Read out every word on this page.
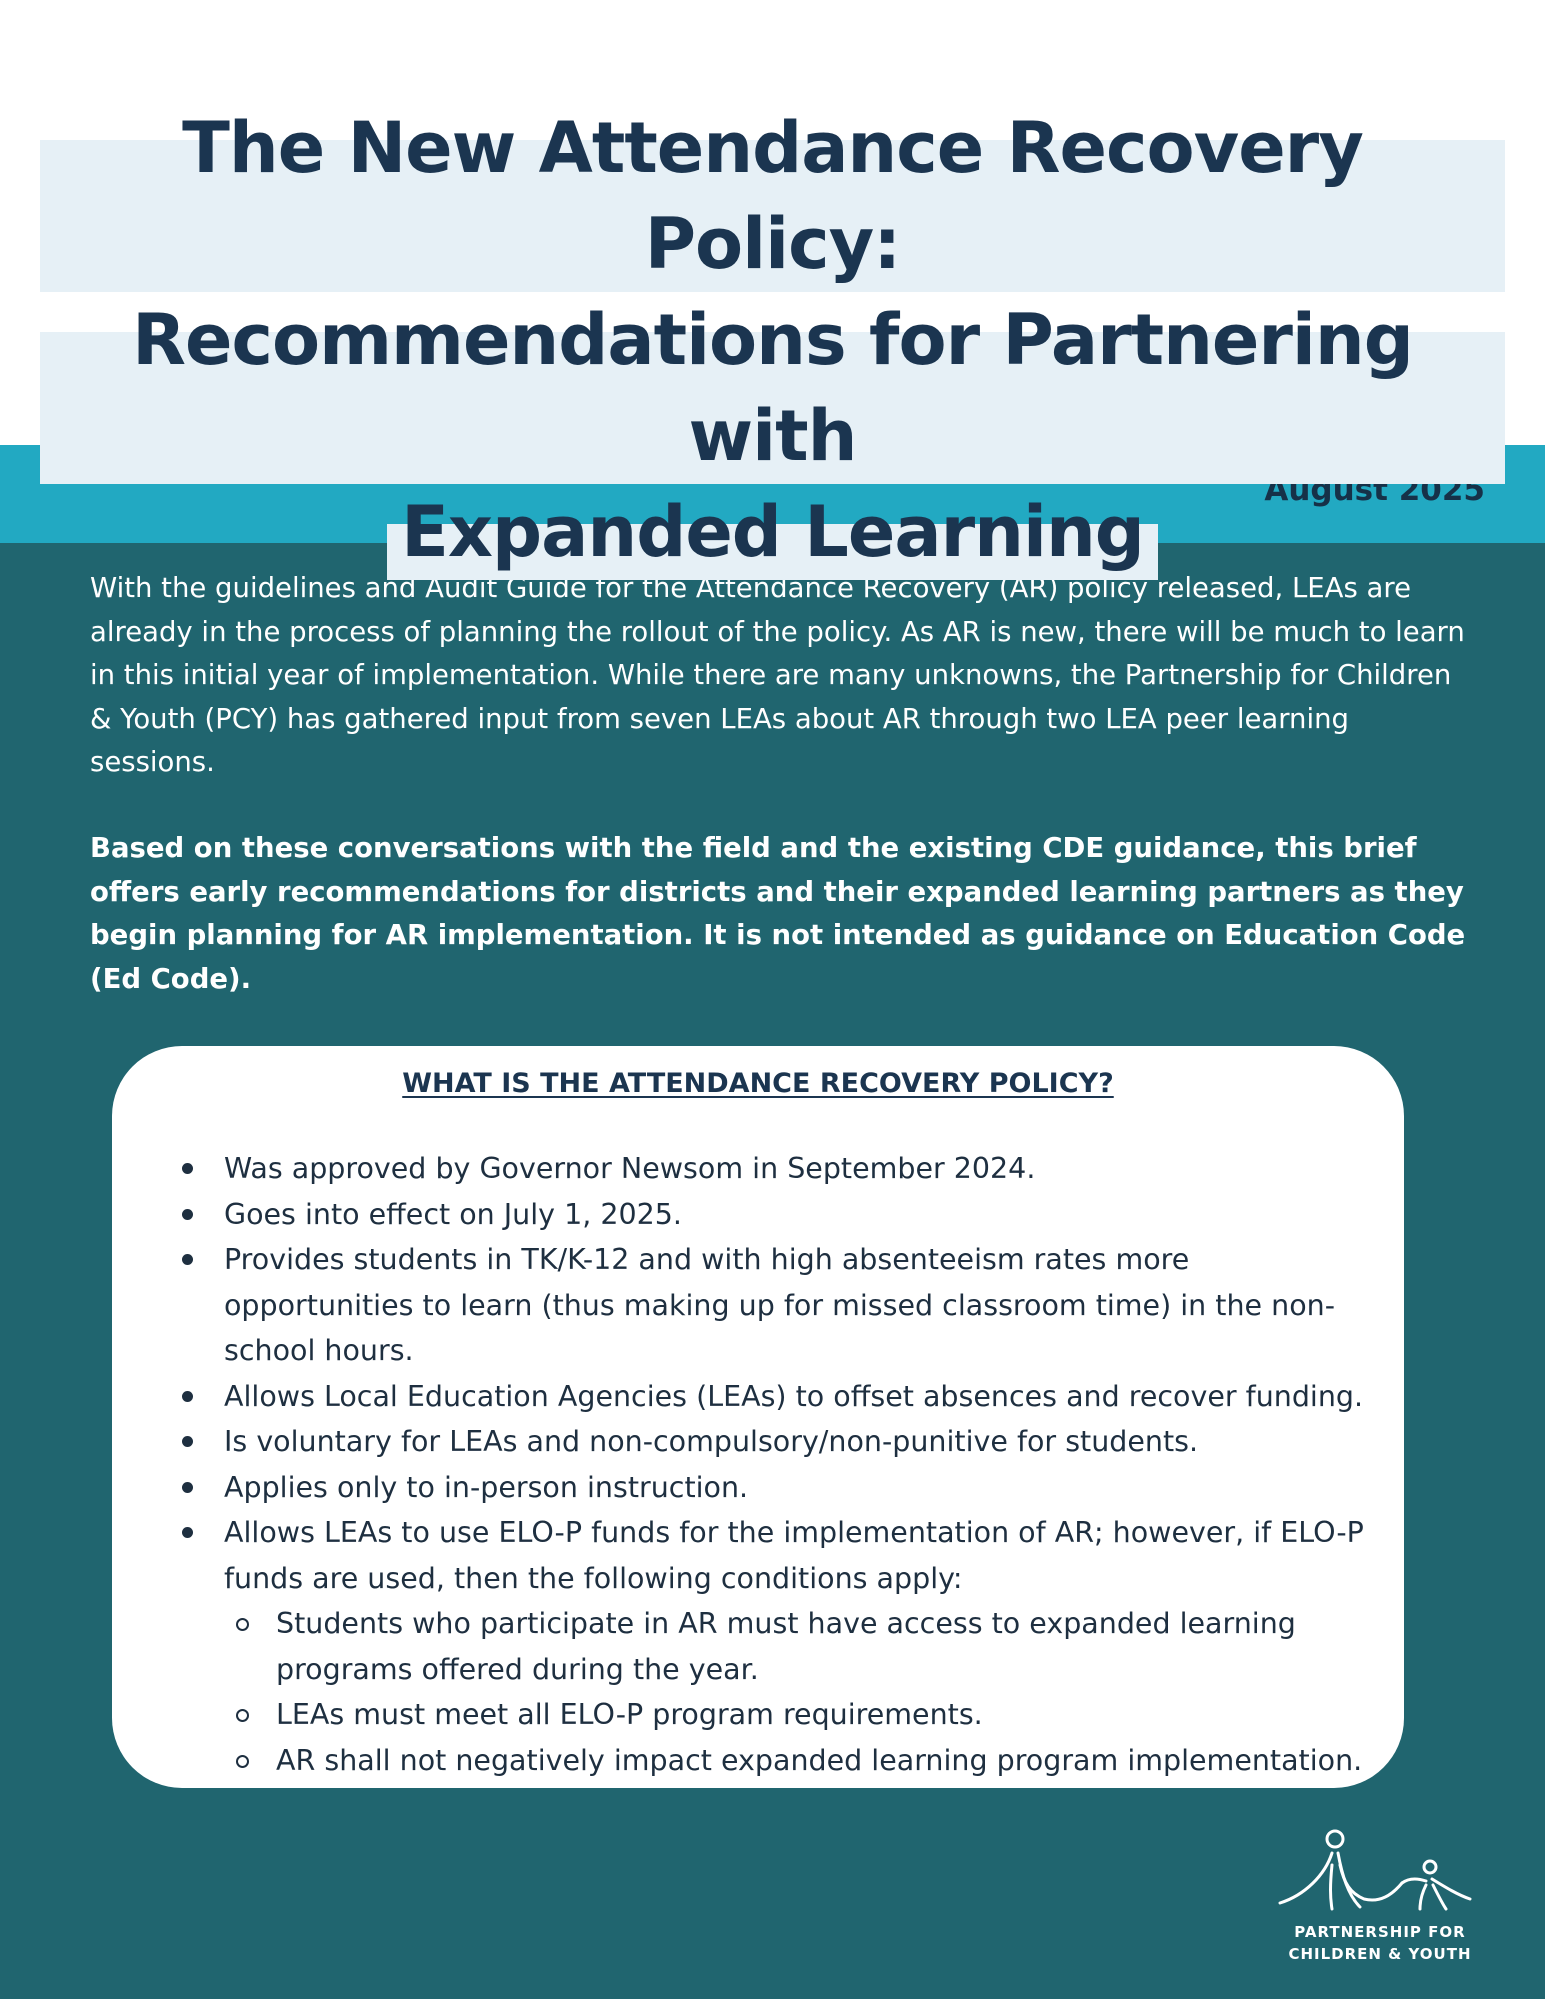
The New Attendance Recovery Policy:
Recommendations for Partnering with
Expanded Learning
August 2025

With the guidelines and Audit Guide for the Attendance Recovery (AR) policy released, LEAs are already in the process of planning the rollout of the policy. As AR is new, there will be much to learn in this initial year of implementation. While there are many unknowns, the Partnership for Children & Youth (PCY) has gathered input from seven LEAs about AR through two LEA peer learning sessions.

Based on these conversations with the field and the existing CDE guidance, this brief offers early recommendations for districts and their expanded learning partners as they begin planning for AR implementation. It is not intended as guidance on Education Code (Ed Code).

WHAT IS THE ATTENDANCE RECOVERY POLICY?
Was approved by Governor Newsom in September 2024.
Goes into effect on July 1, 2025.
Provides students in TK/K-12 and with high absenteeism rates more opportunities to learn (thus making up for missed classroom time) in the non-school hours.
Allows Local Education Agencies (LEAs) to offset absences and recover funding.
Is voluntary for LEAs and non-compulsory/non-punitive for students.
Applies only to in-person instruction.
Allows LEAs to use ELO-P funds for the implementation of AR; however, if ELO-P funds are used, then the following conditions apply:
Students who participate in AR must have access to expanded learning programs offered during the year.
LEAs must meet all ELO-P program requirements.
AR shall not negatively impact expanded learning program implementation.
PARTNERSHIP FOR
CHILDREN & YOUTH
